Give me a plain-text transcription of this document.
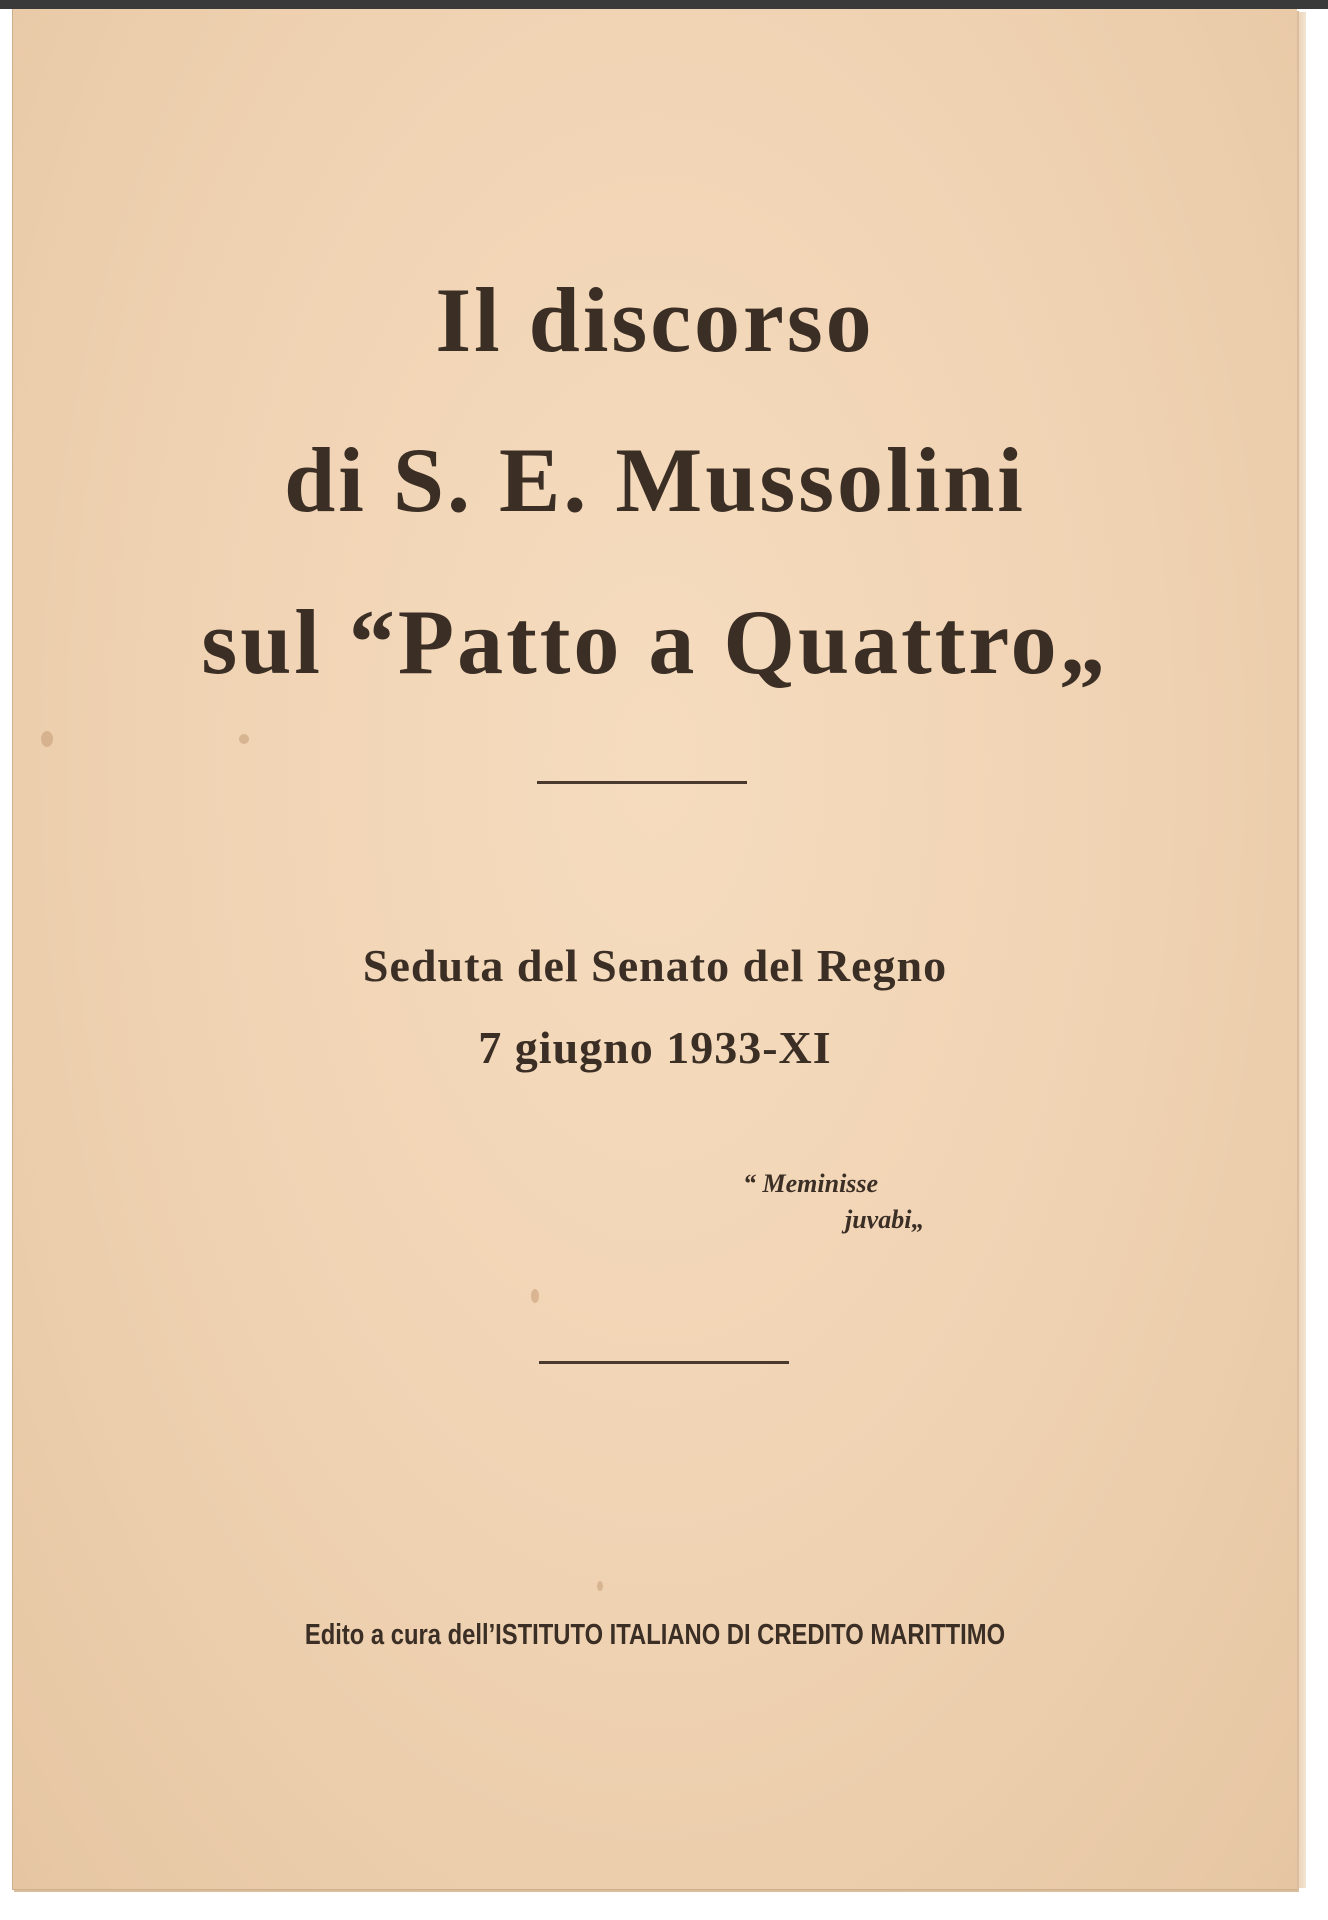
Il discorso
di S. E. Mussolini
sul “Patto a Quattro„
Seduta del Senato del Regno
7 giugno 1933-XI
“ Meminisse
juvabi„
Edito a cura dell’ISTITUTO ITALIANO DI CREDITO MARITTIMO
